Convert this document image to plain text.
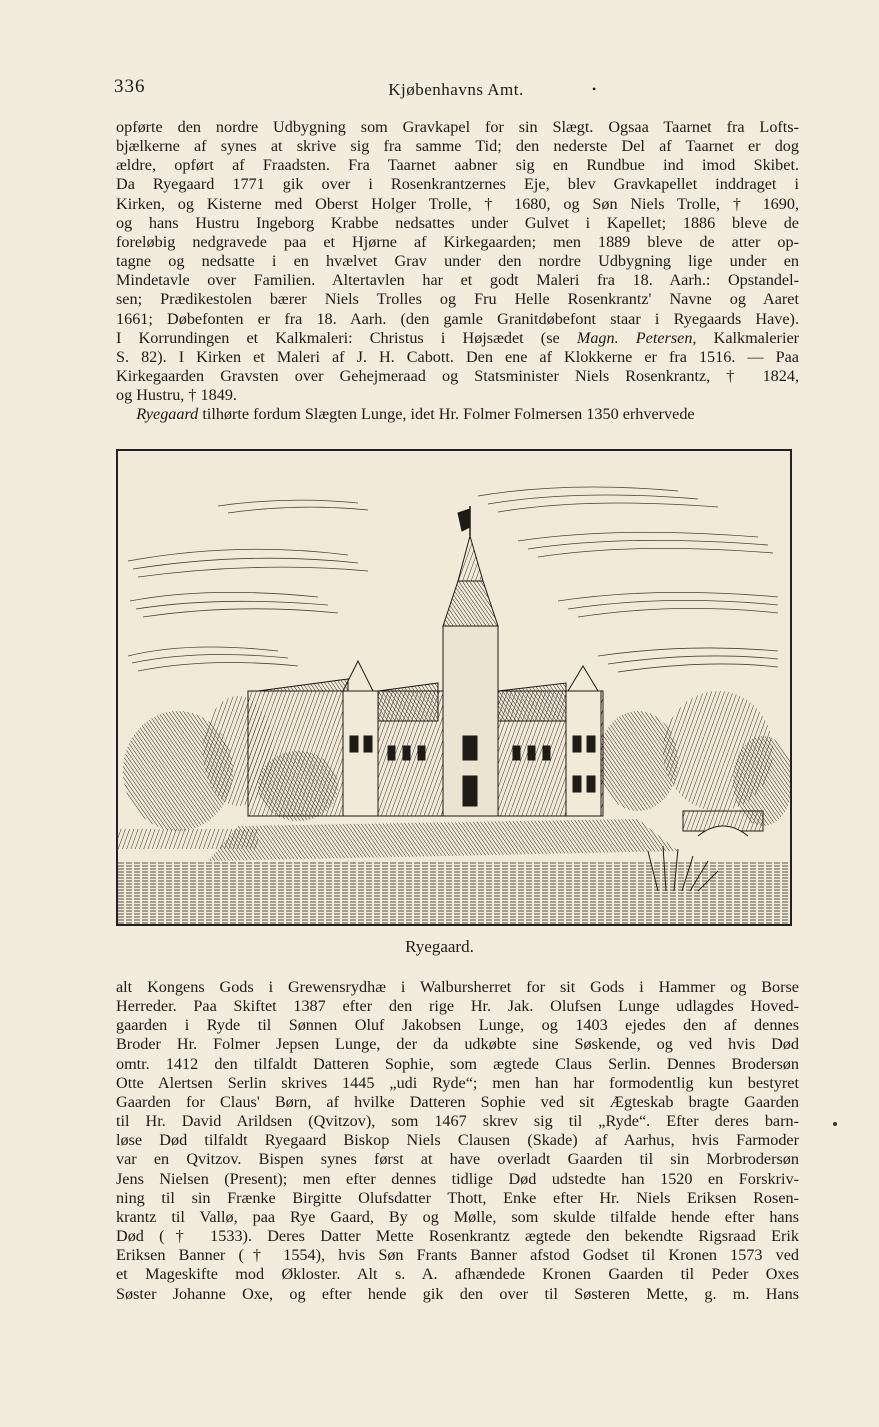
336	Kjøbenhavns Amt.	•

opførte den nordre Udbygning som Gravkapel for sin Slægt. Ogsaa Taarnet fra Lofts-
bjælkerne af synes at skrive sig fra samme Tid; den nederste Del af Taarnet er dog
ældre, opført af Fraadsten. Fra Taarnet aabner sig en Rundbue ind imod Skibet.
Da Ryegaard 1771 gik over i Rosenkrantzernes Eje, blev Gravkapellet inddraget i
Kirken, og Kisterne med Oberst Holger Trolle, † 1680, og Søn Niels Trolle, † 1690,
og hans Hustru Ingeborg Krabbe nedsattes under Gulvet i Kapellet; 1886 bleve de
foreløbig nedgravede paa et Hjørne af Kirkegaarden; men 1889 bleve de atter op-
tagne og nedsatte i en hvælvet Grav under den nordre Udbygning lige under en
Mindetavle over Familien. Altertavlen har et godt Maleri fra 18. Aarh.: Opstandel-
sen; Prædikestolen bærer Niels Trolles og Fru Helle Rosenkrantz' Navne og Aaret
1661; Døbefonten er fra 18. Aarh. (den gamle Granitdøbefont staar i Ryegaards Have).
I Korrundingen et Kalkmaleri: Christus i Højsædet (se Magn. Petersen, Kalkmalerier
S. 82). I Kirken et Maleri af J. H. Cabott. Den ene af Klokkerne er fra 1516. — Paa
Kirkegaarden Gravsten over Gehejmeraad og Statsminister Niels Rosenkrantz, † 1824,
og Hustru, † 1849.

Ryegaard tilhørte fordum Slægten Lunge, idet Hr. Folmer Folmersen 1350 erhvervede

Ryegaard.

alt Kongens Gods i Grewensrydhæ i Walbursherret for sit Gods i Hammer og Borse
Herreder. Paa Skiftet 1387 efter den rige Hr. Jak. Olufsen Lunge udlagdes Hoved-
gaarden i Ryde til Sønnen Oluf Jakobsen Lunge, og 1403 ejedes den af dennes
Broder Hr. Folmer Jepsen Lunge, der da udkøbte sine Søskende, og ved hvis Død
omtr. 1412 den tilfaldt Datteren Sophie, som ægtede Claus Serlin. Dennes Brodersøn
Otte Alertsen Serlin skrives 1445 „udi Ryde“; men han har formodentlig kun bestyret
Gaarden for Claus' Børn, af hvilke Datteren Sophie ved sit Ægteskab bragte Gaarden
til Hr. David Arildsen (Qvitzov), som 1467 skrev sig til „Ryde“. Efter deres barn-
løse Død tilfaldt Ryegaard Biskop Niels Clausen (Skade) af Aarhus, hvis Farmoder
var en Qvitzov. Bispen synes først at have overladt Gaarden til sin Morbrodersøn
Jens Nielsen (Present); men efter dennes tidlige Død udstedte han 1520 en Forskriv-
ning til sin Frænke Birgitte Olufsdatter Thott, Enke efter Hr. Niels Eriksen Rosen-
krantz til Vallø, paa Rye Gaard, By og Mølle, som skulde tilfalde hende efter hans
Død († 1533). Deres Datter Mette Rosenkrantz ægtede den bekendte Rigsraad Erik
Eriksen Banner († 1554), hvis Søn Frants Banner afstod Godset til Kronen 1573 ved
et Mageskifte mod Økloster. Alt s. A. afhændede Kronen Gaarden til Peder Oxes
Søster Johanne Oxe, og efter hende gik den over til Søsteren Mette, g. m. Hans
